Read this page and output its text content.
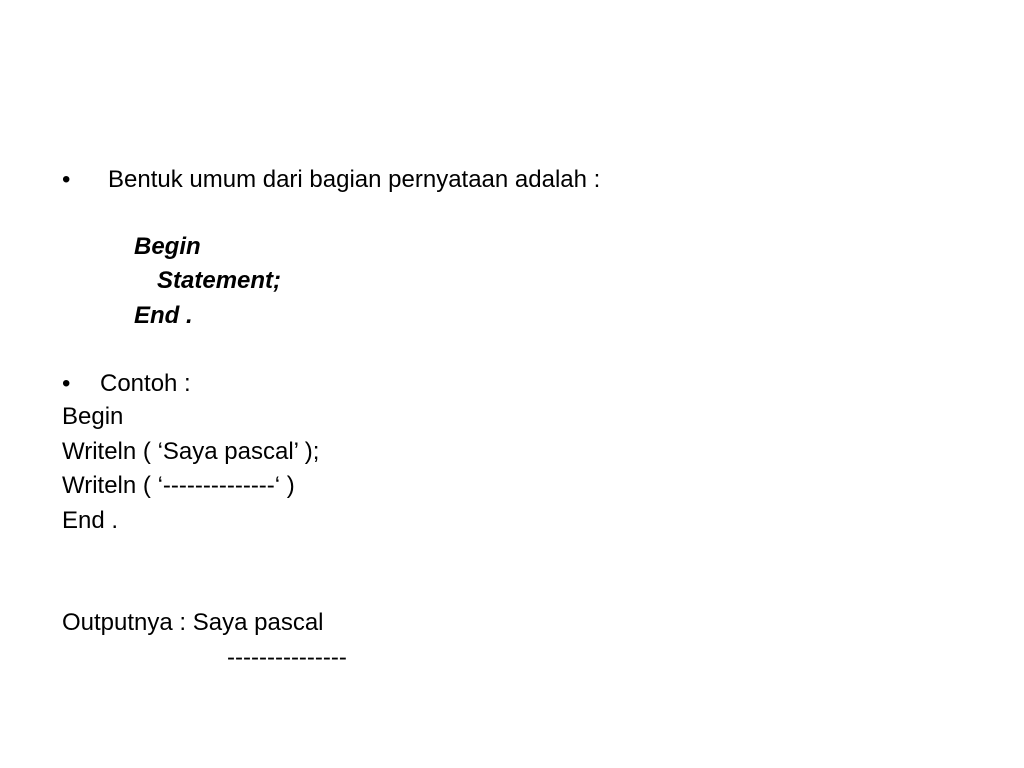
• Bentuk umum dari bagian pernyataan adalah :
Begin
Statement;
End .
• Contoh :
Begin
Writeln ( ‘Saya pascal’ );
Writeln ( ‘--------------‘ )
End .
Outputnya : Saya pascal
---------------
